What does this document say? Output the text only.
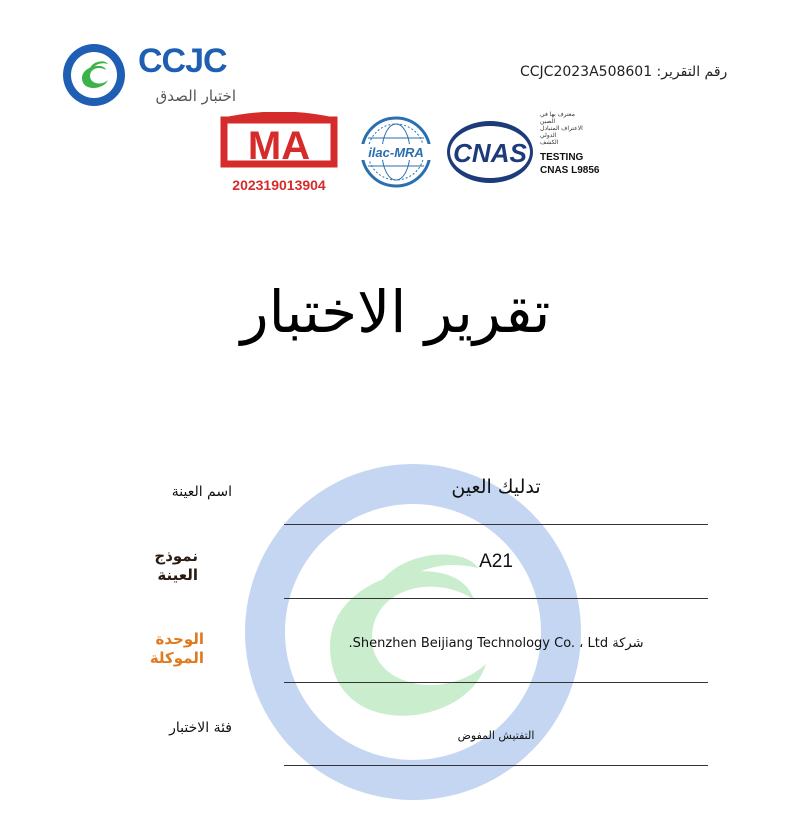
CCJC
اختبار الصدق
رقم التقرير: CCJC2023A508601
MA
202319013904
ilac-MRA CNAS
معترف بها في
الصين
الاعتراف المتبادل
الدولي
الكشف
TESTING
CNAS L9856
تقرير الاختبار
اسم العينة	تدليك العين
نموذج العينة
A21
الوحدة الموكلة
شركة Shenzhen Beijiang Technology Co. ، Ltd.
فئة الاختبار	التفتيش المفوض
